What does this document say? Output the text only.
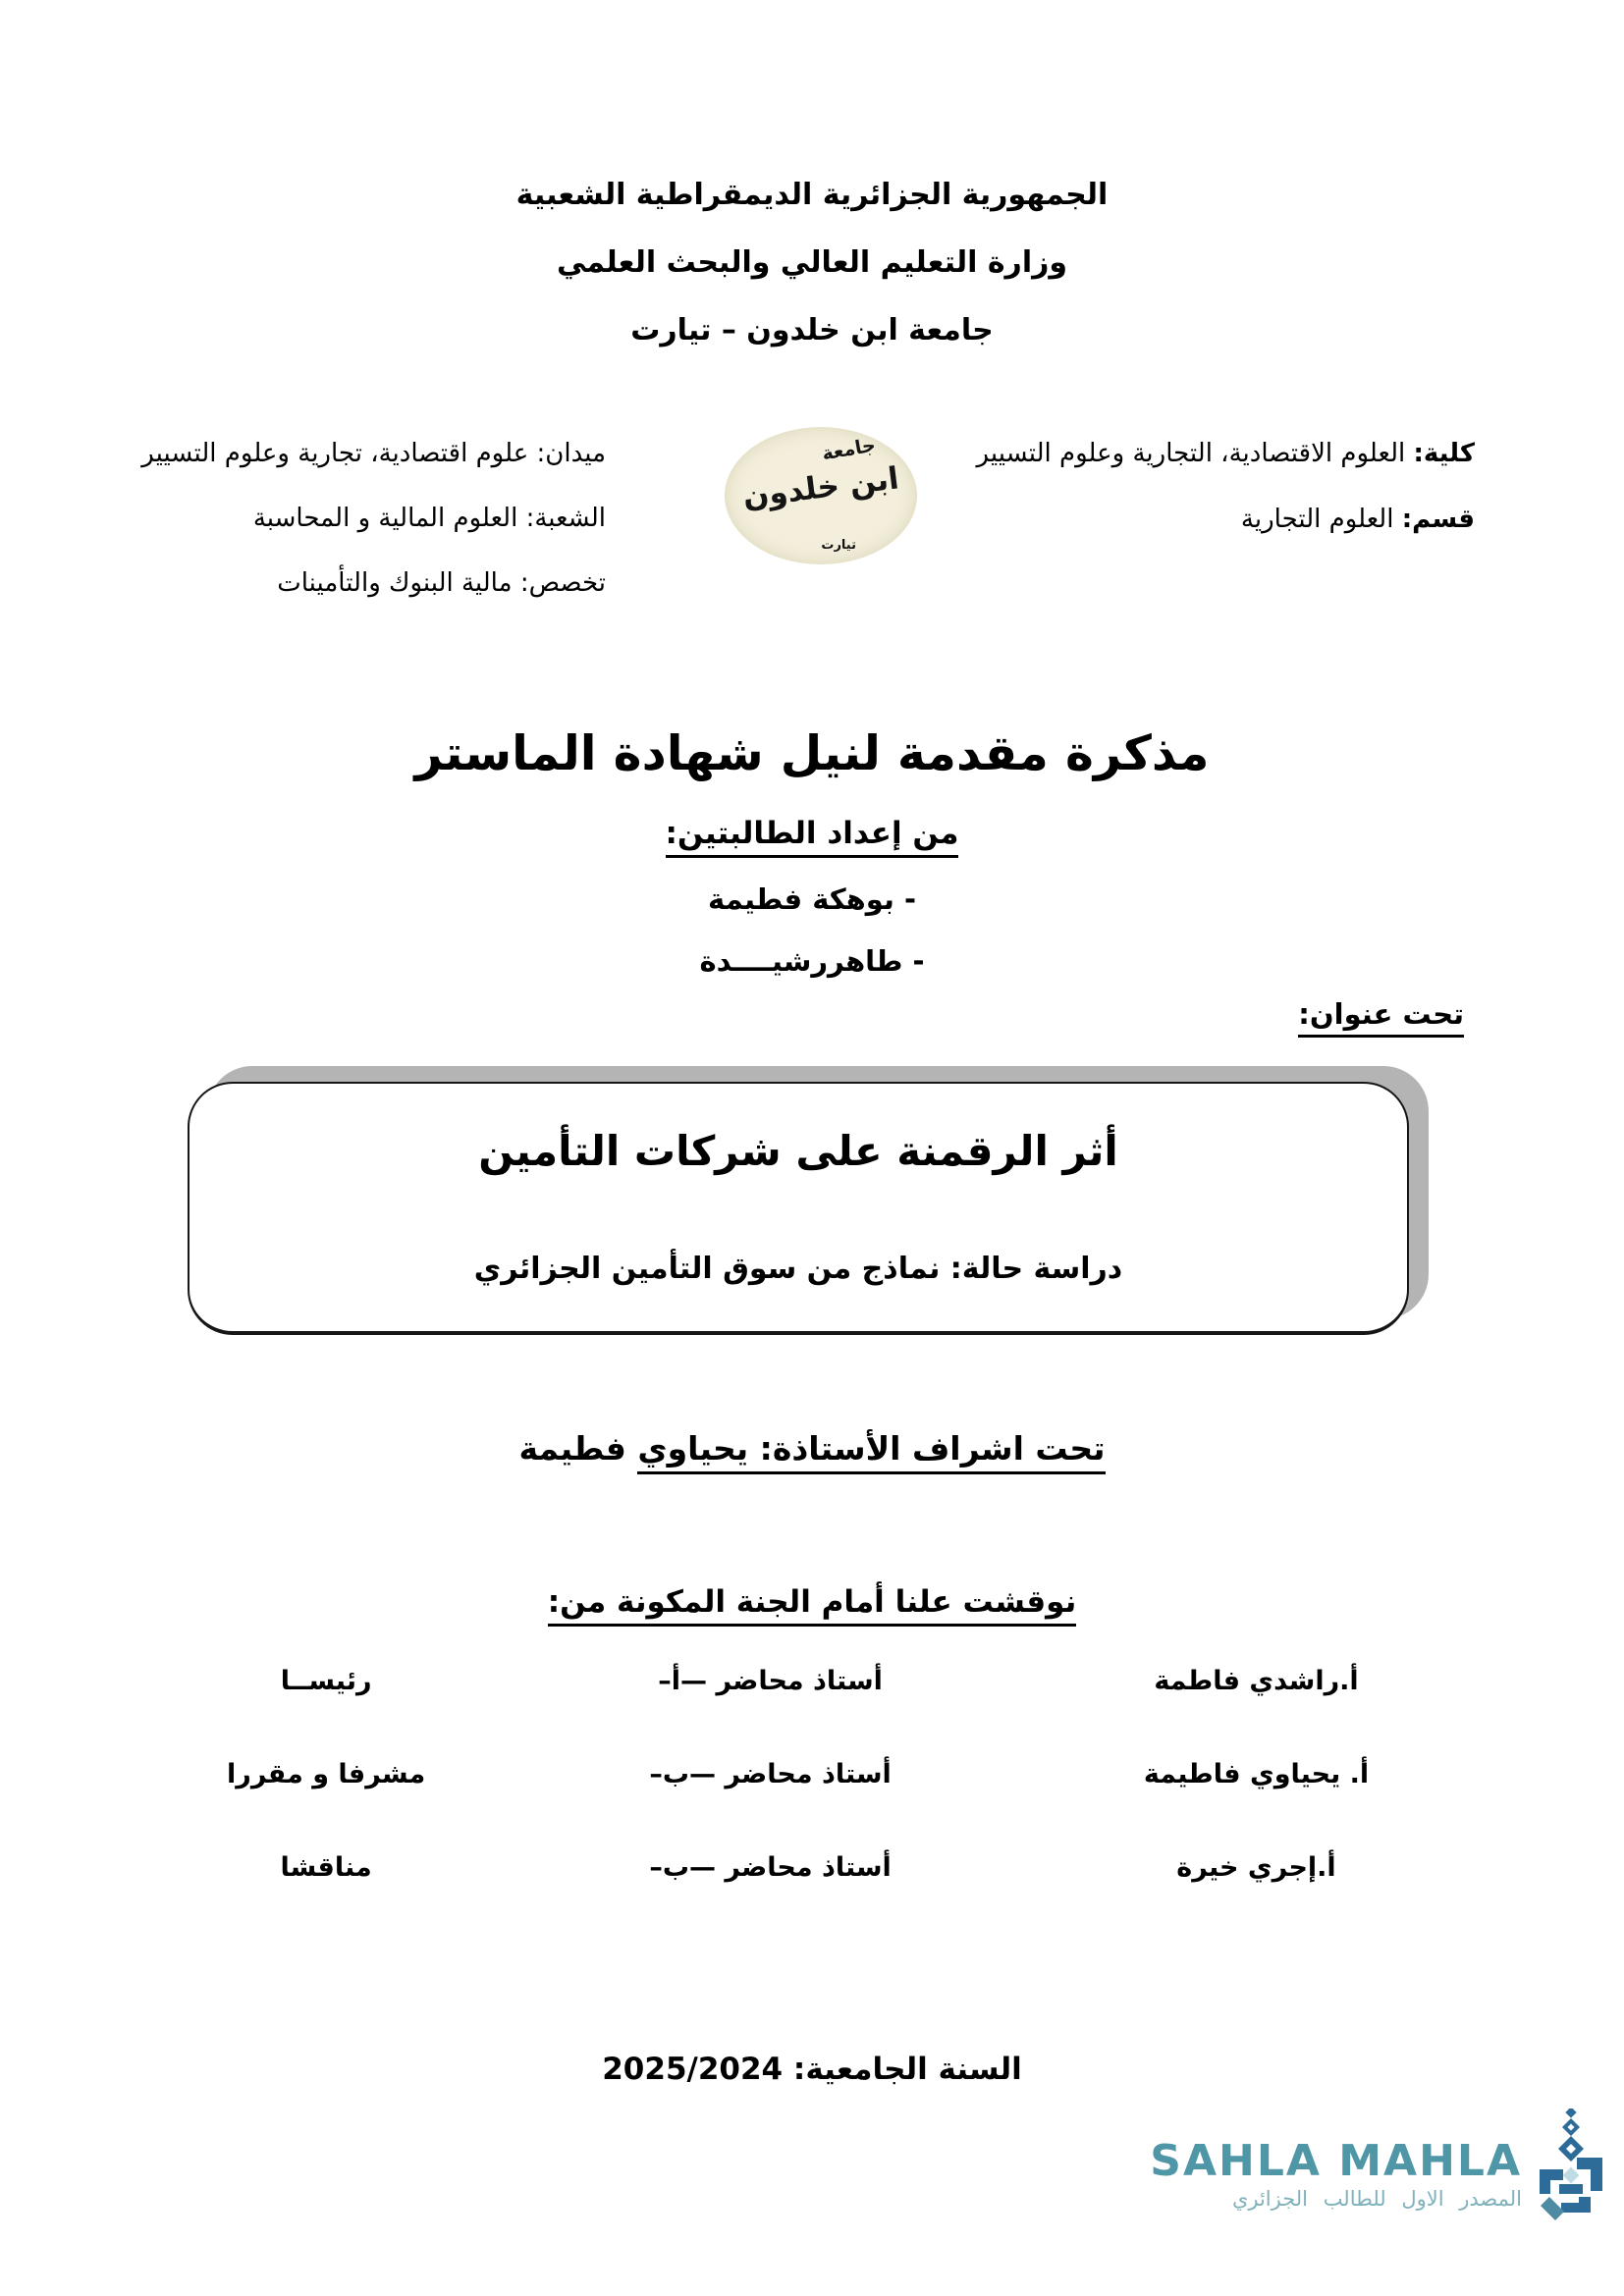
الجمهورية الجزائرية الديمقراطية الشعبية
وزارة التعليم العالي والبحث العلمي
جامعة ابن خلدون – تيارت
كلية: العلوم الاقتصادية، التجارية وعلوم التسيير
قسم: العلوم التجارية
جامعة
ابن خلدون
تيارت
ميدان: علوم اقتصادية، تجارية وعلوم التسيير
الشعبة: العلوم المالية و المحاسبة
تخصص: مالية البنوك والتأمينات
مذكرة مقدمة لنيل شهادة الماستر
من إعداد الطالبتين:
- بوهكة فطيمة
- طاهررشيــــدة
تحت عنوان:
أثر الرقمنة على شركات التأمين
دراسة حالة: نماذج من سوق التأمين الجزائري
تحت اشراف الأستاذة: يحياوي فطيمة
نوقشت علنا أمام الجنة المكونة من:
أ.راشدي فاطمة
أستاذ محاضر —أ–
رئيســا
أ. يحياوي فاطيمة
أستاذ محاضر —ب–
مشرفا و مقررا
أ.إجري خيرة
أستاذ محاضر —ب–
مناقشا
السنة الجامعية: 2025/2024
SAHLA MAHLA
المصدر الاول للطالب الجزائري
